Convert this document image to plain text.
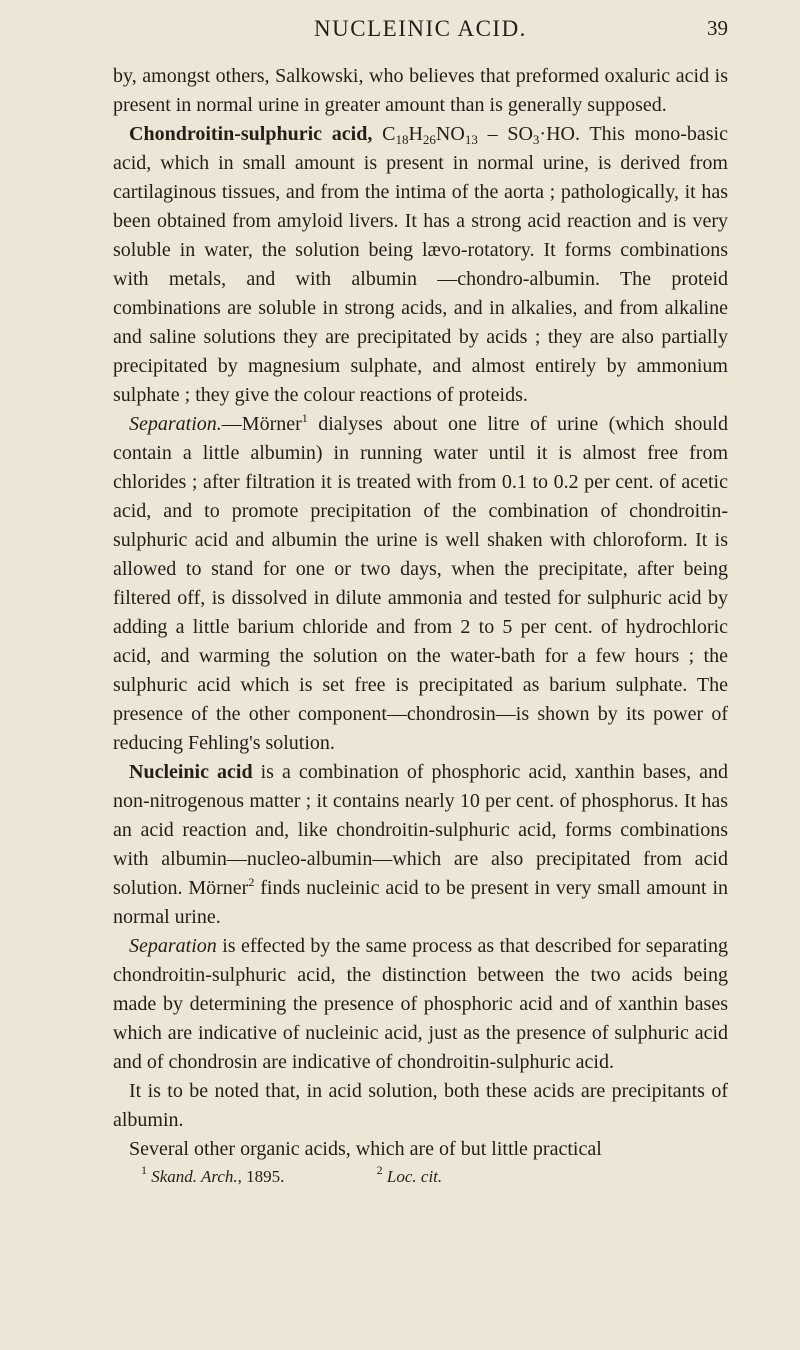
NUCLEINIC ACID.	39

by, amongst others, Salkowski, who believes that preformed oxaluric acid is present in normal urine in greater amount than is generally supposed.

Chondroitin-sulphuric acid, $C_{18}H_{26}NO_{13} - SO_3\cdot HO$. This mono-basic acid, which in small amount is present in normal urine, is derived from cartilaginous tissues, and from the intima of the aorta ; pathologically, it has been obtained from amyloid livers. It has a strong acid reaction and is very soluble in water, the solution being lævo-rotatory. It forms combinations with metals, and with albumin —chondro-albumin. The proteid combinations are soluble in strong acids, and in alkalies, and from alkaline and saline solutions they are precipitated by acids ; they are also partially precipitated by magnesium sulphate, and almost entirely by ammonium sulphate ; they give the colour reactions of proteids.

Separation.—Mörner$^1$ dialyses about one litre of urine (which should contain a little albumin) in running water until it is almost free from chlorides ; after filtration it is treated with from 0.1 to 0.2 per cent. of acetic acid, and to promote precipitation of the combination of chondroitin-sulphuric acid and albumin the urine is well shaken with chloroform. It is allowed to stand for one or two days, when the precipitate, after being filtered off, is dissolved in dilute ammonia and tested for sulphuric acid by adding a little barium chloride and from 2 to 5 per cent. of hydrochloric acid, and warming the solution on the water-bath for a few hours ; the sulphuric acid which is set free is precipitated as barium sulphate. The presence of the other component—chondrosin—is shown by its power of reducing Fehling's solution.

Nucleinic acid is a combination of phosphoric acid, xanthin bases, and non-nitrogenous matter ; it contains nearly 10 per cent. of phosphorus. It has an acid reaction and, like chondroitin-sulphuric acid, forms combinations with albumin—nucleo-albumin—which are also precipitated from acid solution. Mörner$^2$ finds nucleinic acid to be present in very small amount in normal urine.

Separation is effected by the same process as that described for separating chondroitin-sulphuric acid, the distinction between the two acids being made by determining the presence of phosphoric acid and of xanthin bases which are indicative of nucleinic acid, just as the presence of sulphuric acid and of chondrosin are indicative of chondroitin-sulphuric acid.

It is to be noted that, in acid solution, both these acids are precipitants of albumin.

Several other organic acids, which are of but little practical

$^1$ Skand. Arch., 1895.	$^2$ Loc. cit.
